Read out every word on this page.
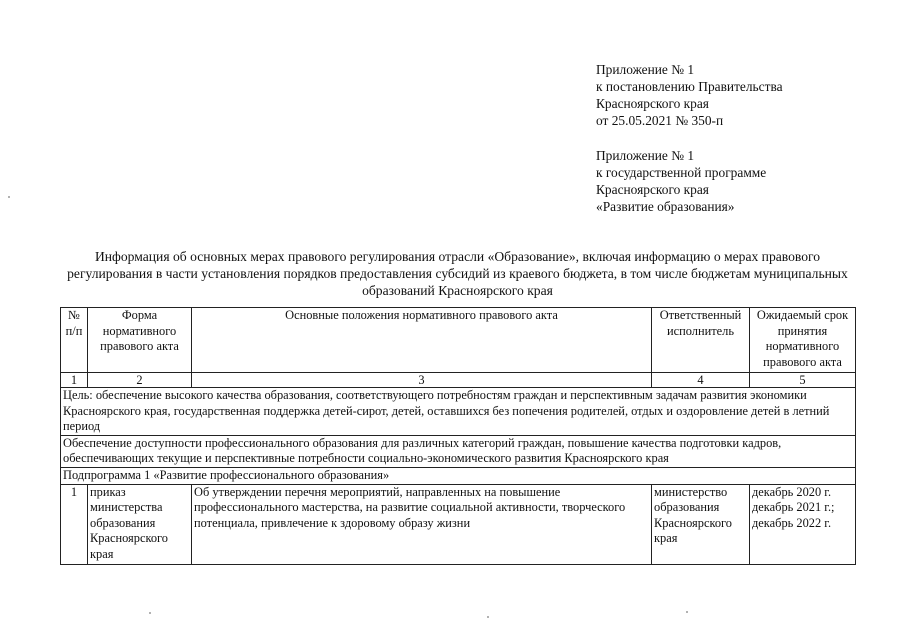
Приложение № 1
к постановлению Правительства
Красноярского края
от 25.05.2021 № 350-п
Приложение № 1
к государственной программе
Красноярского края
«Развитие образования»
Информация об основных мерах правового регулирования отрасли «Образование», включая информацию о мерах правового регулирования в части установления порядков предоставления субсидий из краевого бюджета, в том числе бюджетам муниципальных образований Красноярского края
№ п/п	Форма нормативного правового акта	Основные положения нормативного правового акта	Ответственный исполнитель	Ожидаемый срок принятия нормативного правового акта
1	2	3	4	5
Цель: обеспечение высокого качества образования, соответствующего потребностям граждан и перспективным задачам развития экономики Красноярского края, государственная поддержка детей-сирот, детей, оставшихся без попечения родителей, отдых и оздоровление детей в летний период				
Обеспечение доступности профессионального образования для различных категорий граждан, повышение качества подготовки кадров, обеспечивающих текущие и перспективные потребности социально-экономического развития Красноярского края				
Подпрограмма 1 «Развитие профессионального образования»				
1	приказ министерства образования Красноярского края	Об утверждении перечня мероприятий, направленных на повышение профессионального мастерства, на развитие социальной активности, творческого потенциала, привлечение к здоровому образу жизни	министерство образования Красноярского края	декабрь 2020 г.
декабрь 2021 г.;
декабрь 2022 г.
